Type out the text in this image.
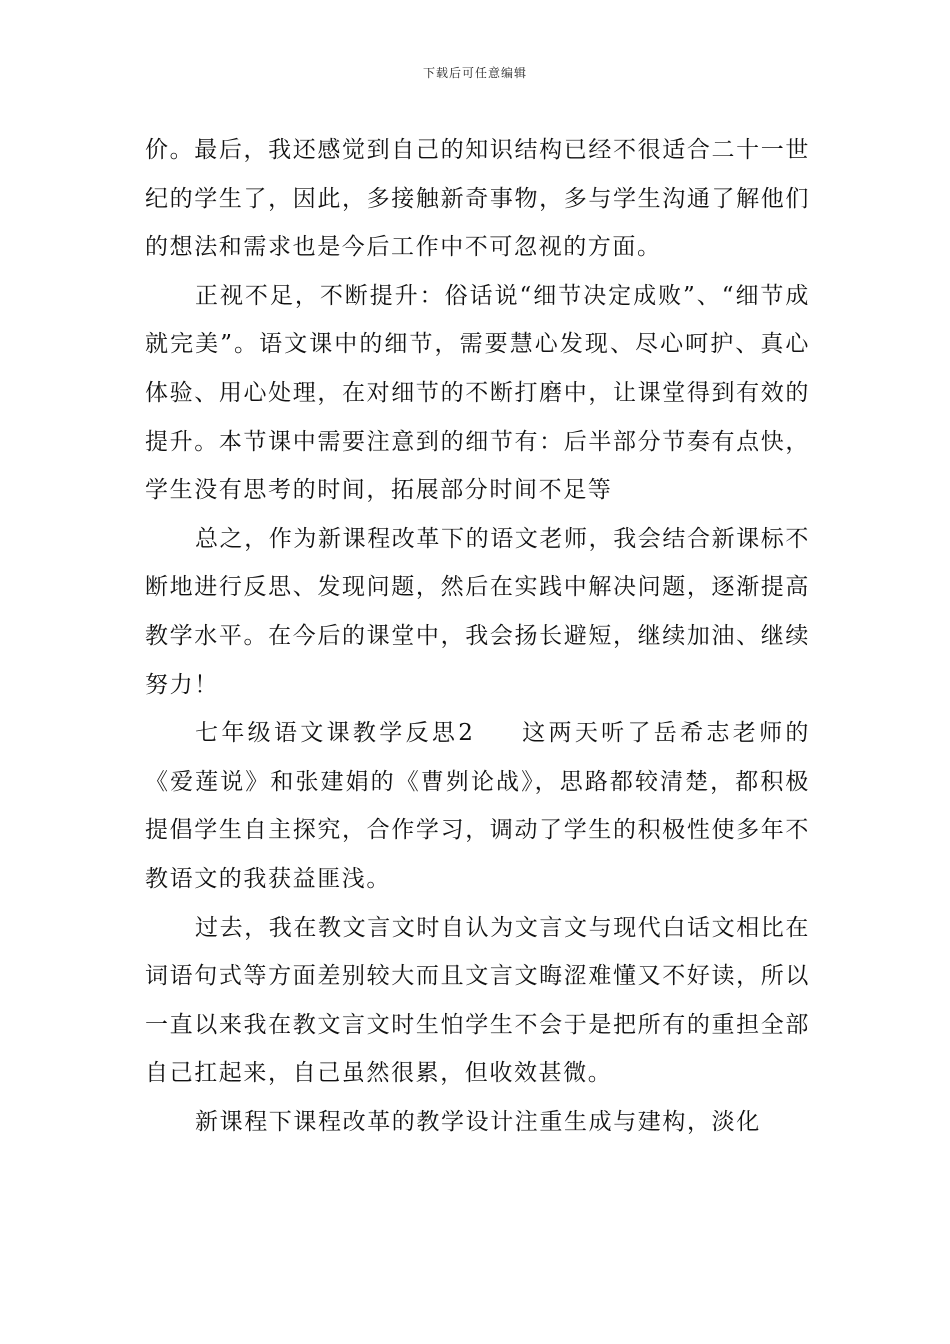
下载后可任意编辑

价。最后，我还感觉到自己的知识结构已经不很适合二十一世纪的学生了，因此，多接触新奇事物，多与学生沟通了解他们的想法和需求也是今后工作中不可忽视的方面。

正视不足，不断提升：俗话说“细节决定成败”、“细节成就完美”。语文课中的细节，需要慧心发现、尽心呵护、真心体验、用心处理，在对细节的不断打磨中，让课堂得到有效的提升。本节课中需要注意到的细节有：后半部分节奏有点快，学生没有思考的时间，拓展部分时间不足等

总之，作为新课程改革下的语文老师，我会结合新课标不断地进行反思、发现问题，然后在实践中解决问题，逐渐提高教学水平。在今后的课堂中，我会扬长避短，继续加油、继续努力！

七年级语文课教学反思2 这两天听了岳希志老师的《爱莲说》和张建娟的《曹刿论战》，思路都较清楚，都积极提倡学生自主探究，合作学习，调动了学生的积极性使多年不教语文的我获益匪浅。

过去，我在教文言文时自认为文言文与现代白话文相比在词语句式等方面差别较大而且文言文晦涩难懂又不好读，所以一直以来我在教文言文时生怕学生不会于是把所有的重担全部自己扛起来，自己虽然很累，但收效甚微。

新课程下课程改革的教学设计注重生成与建构，淡化
